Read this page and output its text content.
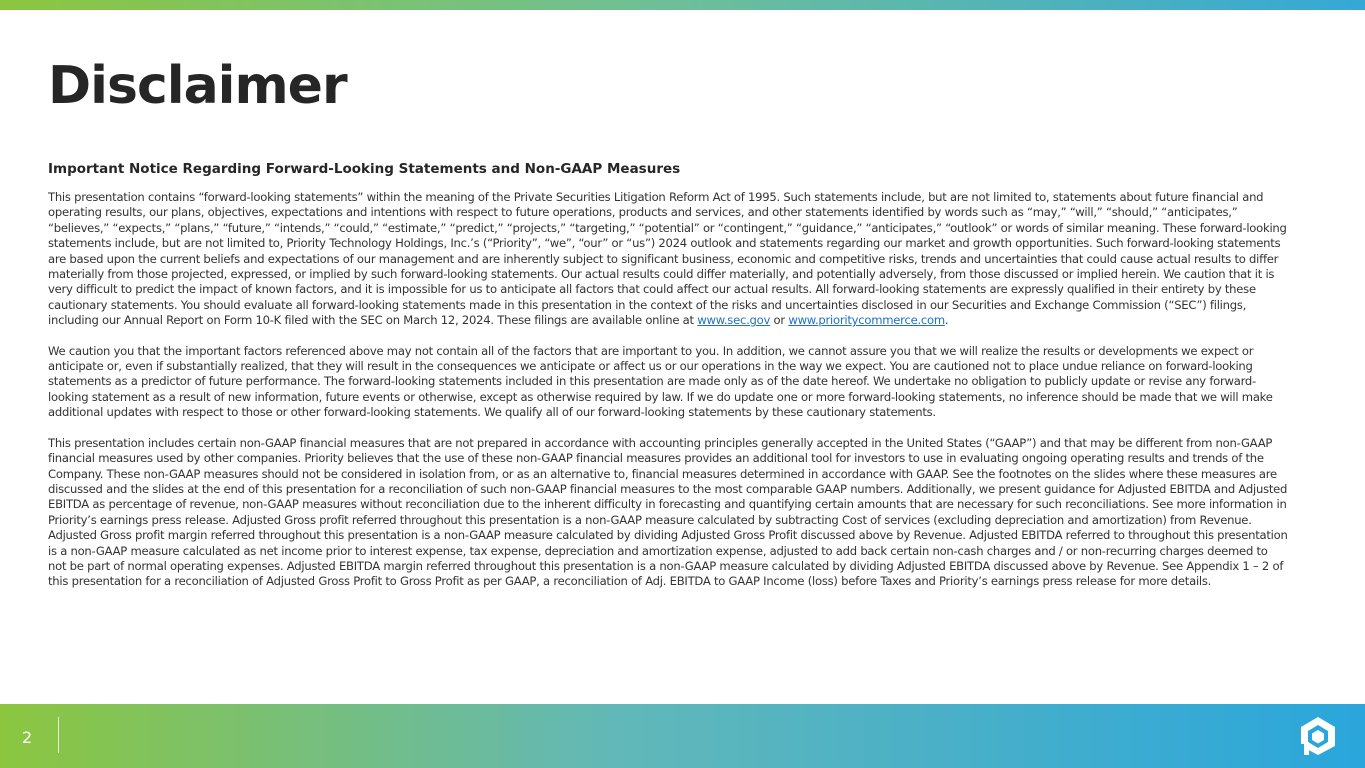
Disclaimer

Important Notice Regarding Forward-Looking Statements and Non-GAAP Measures

This presentation contains “forward-looking statements” within the meaning of the Private Securities Litigation Reform Act of 1995. Such statements include, but are not limited to, statements about future financial and operating results, our plans, objectives, expectations and intentions with respect to future operations, products and services, and other statements identified by words such as “may,” “will,” “should,” “anticipates,” “believes,” “expects,” “plans,” “future,” “intends,” “could,” “estimate,” “predict,” “projects,” “targeting,” “potential” or “contingent,” “guidance,” “anticipates,” “outlook” or words of similar meaning. These forward-looking statements include, but are not limited to, Priority Technology Holdings, Inc.’s (“Priority”, “we”, “our” or “us”) 2024 outlook and statements regarding our market and growth opportunities. Such forward-looking statements are based upon the current beliefs and expectations of our management and are inherently subject to significant business, economic and competitive risks, trends and uncertainties that could cause actual results to differ materially from those projected, expressed, or implied by such forward-looking statements. Our actual results could differ materially, and potentially adversely, from those discussed or implied herein. We caution that it is very difficult to predict the impact of known factors, and it is impossible for us to anticipate all factors that could affect our actual results. All forward-looking statements are expressly qualified in their entirety by these cautionary statements. You should evaluate all forward-looking statements made in this presentation in the context of the risks and uncertainties disclosed in our Securities and Exchange Commission (“SEC”) filings, including our Annual Report on Form 10-K filed with the SEC on March 12, 2024. These filings are available online at www.sec.gov or www.prioritycommerce.com.

We caution you that the important factors referenced above may not contain all of the factors that are important to you. In addition, we cannot assure you that we will realize the results or developments we expect or anticipate or, even if substantially realized, that they will result in the consequences we anticipate or affect us or our operations in the way we expect. You are cautioned not to place undue reliance on forward-looking statements as a predictor of future performance. The forward-looking statements included in this presentation are made only as of the date hereof. We undertake no obligation to publicly update or revise any forward-looking statement as a result of new information, future events or otherwise, except as otherwise required by law. If we do update one or more forward-looking statements, no inference should be made that we will make additional updates with respect to those or other forward-looking statements. We qualify all of our forward-looking statements by these cautionary statements.

This presentation includes certain non-GAAP financial measures that are not prepared in accordance with accounting principles generally accepted in the United States (“GAAP”) and that may be different from non-GAAP financial measures used by other companies. Priority believes that the use of these non-GAAP financial measures provides an additional tool for investors to use in evaluating ongoing operating results and trends of the Company. These non-GAAP measures should not be considered in isolation from, or as an alternative to, financial measures determined in accordance with GAAP. See the footnotes on the slides where these measures are discussed and the slides at the end of this presentation for a reconciliation of such non-GAAP financial measures to the most comparable GAAP numbers. Additionally, we present guidance for Adjusted EBITDA and Adjusted EBITDA as percentage of revenue, non-GAAP measures without reconciliation due to the inherent difficulty in forecasting and quantifying certain amounts that are necessary for such reconciliations. See more information in Priority’s earnings press release. Adjusted Gross profit referred throughout this presentation is a non-GAAP measure calculated by subtracting Cost of services (excluding depreciation and amortization) from Revenue. Adjusted Gross profit margin referred throughout this presentation is a non-GAAP measure calculated by dividing Adjusted Gross Profit discussed above by Revenue. Adjusted EBITDA referred to throughout this presentation is a non-GAAP measure calculated as net income prior to interest expense, tax expense, depreciation and amortization expense, adjusted to add back certain non-cash charges and / or non-recurring charges deemed to not be part of normal operating expenses. Adjusted EBITDA margin referred throughout this presentation is a non-GAAP measure calculated by dividing Adjusted EBITDA discussed above by Revenue. See Appendix 1 – 2 of this presentation for a reconciliation of Adjusted Gross Profit to Gross Profit as per GAAP, a reconciliation of Adj. EBITDA to GAAP Income (loss) before Taxes and Priority’s earnings press release for more details.

2
